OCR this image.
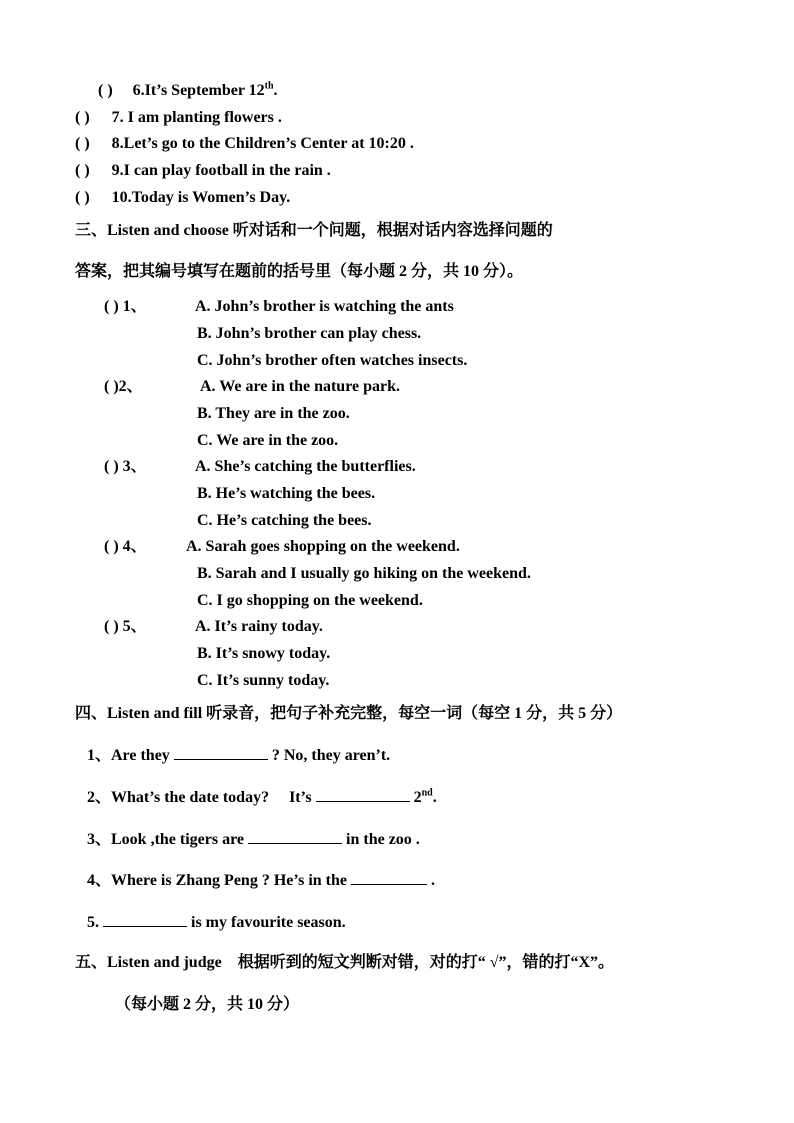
( ) 6.It’s September 12th.
( ) 7. I am planting flowers .
( ) 8.Let’s go to the Children’s Center at 10:20 .
( ) 9.I can play football in the rain .
( ) 10.Today is Women’s Day.
三、Listen and choose 听对话和一个问题，根据对话内容选择问题的
答案，把其编号填写在题前的括号里（每小题 2 分，共 10 分）。
( ) 1、	A. John’s brother is watching the ants
B. John’s brother can play chess.
C. John’s brother often watches insects.
( )2、	A. We are in the nature park.
B. They are in the zoo.
C. We are in the zoo.
( ) 3、	A. She’s catching the butterflies.
B. He’s watching the bees.
C. He’s catching the bees.
( ) 4、 A. Sarah goes shopping on the weekend.
B. Sarah and I usually go hiking on the weekend.
C. I go shopping on the weekend.
( ) 5、	A. It’s rainy today.
B. It’s snowy today.
C. It’s sunny today.
四、Listen and fill 听录音，把句子补充完整，每空一词（每空 1 分，共 5 分）
1、Are they	? No, they aren’t.
2、What’s the date today?     It’s	2nd.
3、Look ,the tigers are	in the zoo .
4、Where is Zhang Peng ? He’s in the	.
5.	is my favourite season.
五、Listen and judge    根据听到的短文判断对错，对的打“ √”，错的打“X”。
（每小题 2 分，共 10 分）
